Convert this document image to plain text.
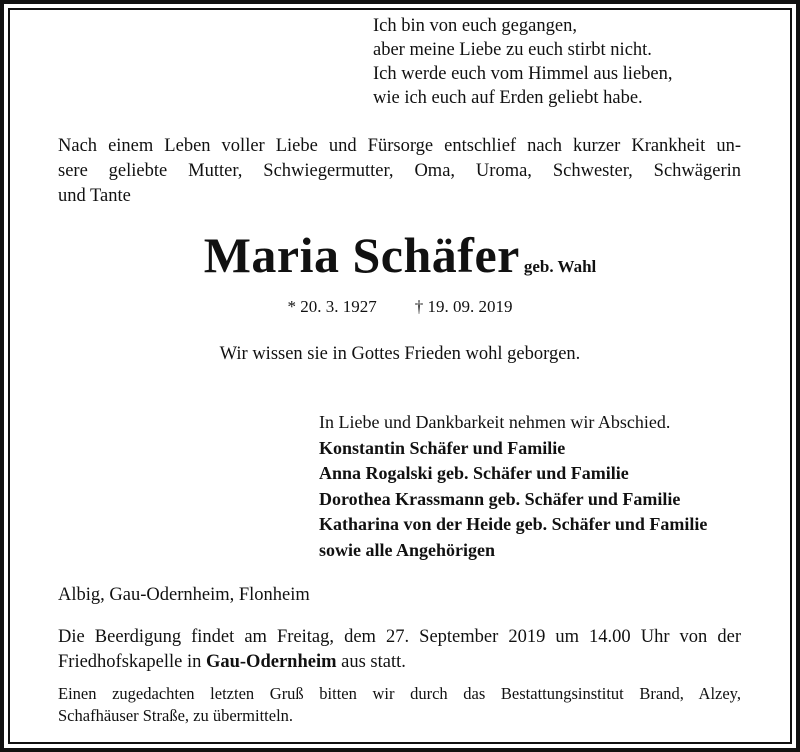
Ich bin von euch gegangen,
aber meine Liebe zu euch stirbt nicht.
Ich werde euch vom Himmel aus lieben,
wie ich euch auf Erden geliebt habe.
Nach einem Leben voller Liebe und Fürsorge entschlief nach kurzer Krankheit un-
sere geliebte Mutter, Schwiegermutter, Oma, Uroma, Schwester, Schwägerin
und Tante
Maria Schäfer geb. Wahl
* 20. 3. 1927 † 19. 09. 2019
Wir wissen sie in Gottes Frieden wohl geborgen.
In Liebe und Dankbarkeit nehmen wir Abschied.
Konstantin Schäfer und Familie
Anna Rogalski geb. Schäfer und Familie
Dorothea Krassmann geb. Schäfer und Familie
Katharina von der Heide geb. Schäfer und Familie
sowie alle Angehörigen
Albig, Gau-Odernheim, Flonheim
Die Beerdigung findet am Freitag, dem 27. September 2019 um 14.00 Uhr von der
Friedhofskapelle in Gau-Odernheim aus statt.
Einen zugedachten letzten Gruß bitten wir durch das Bestattungsinstitut Brand, Alzey,
Schafhäuser Straße, zu übermitteln.
